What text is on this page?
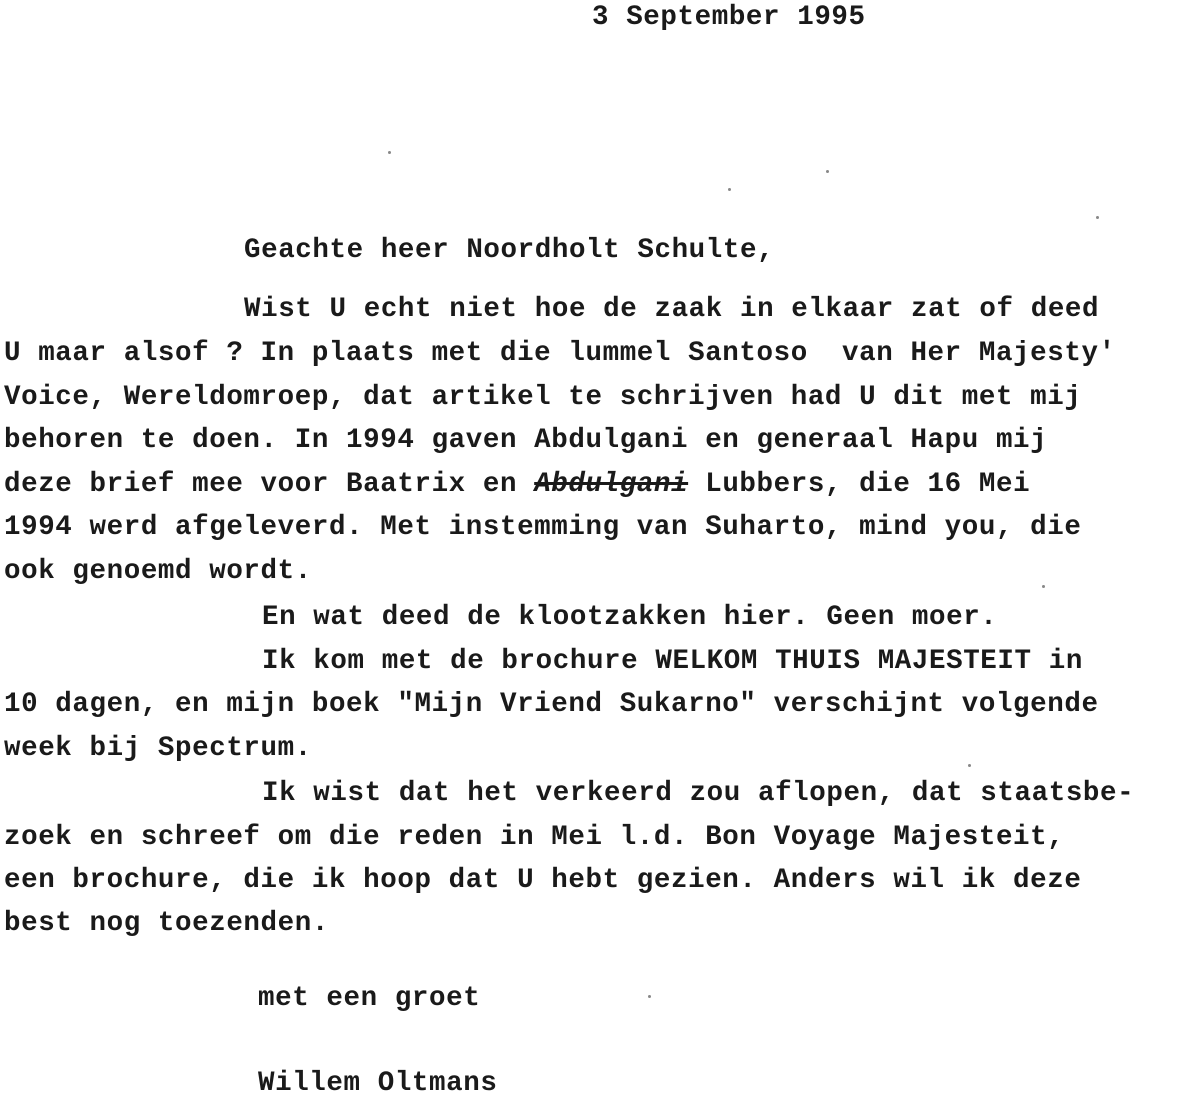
3 September 1995

Geachte heer Noordholt Schulte,

Wist U echt niet hoe de zaak in elkaar zat of deed

U maar alsof ? In plaats met die lummel Santoso  van Her Majesty'

Voice, Wereldomroep, dat artikel te schrijven had U dit met mij

behoren te doen. In 1994 gaven Abdulgani en generaal Hapu mij

deze brief mee voor Baatrix en Abdulgani Lubbers, die 16 Mei

1994 werd afgeleverd. Met instemming van Suharto, mind you, die

ook genoemd wordt.

En wat deed de klootzakken hier. Geen moer.

Ik kom met de brochure WELKOM THUIS MAJESTEIT in

10 dagen, en mijn boek "Mijn Vriend Sukarno" verschijnt volgende

week bij Spectrum.

Ik wist dat het verkeerd zou aflopen, dat staatsbe-

zoek en schreef om die reden in Mei l.d. Bon Voyage Majesteit,

een brochure, die ik hoop dat U hebt gezien. Anders wil ik deze

best nog toezenden.

met een groet

Willem Oltmans
